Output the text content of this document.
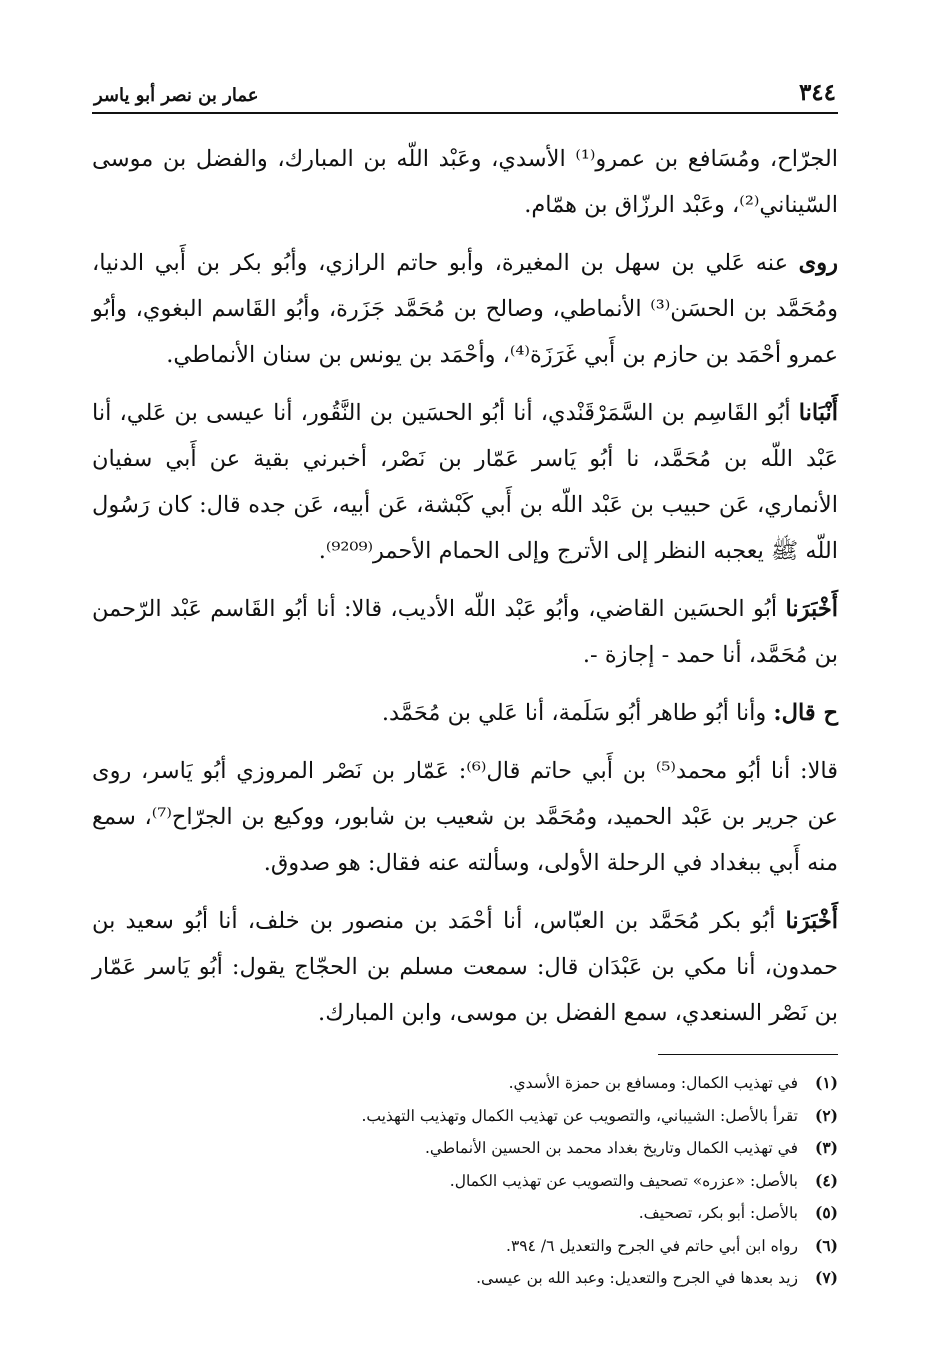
٣٤٤
عمار بن نصر أبو ياسر

الجرّاح، ومُسَافع بن عمرو⁽¹⁾ الأسدي، وعَبْد اللّه بن المبارك، والفضل بن موسى السّيناني⁽²⁾، وعَبْد الرزّاق بن همّام.

روى عنه عَلي بن سهل بن المغيرة، وأبو حاتم الرازي، وأبُو بكر بن أَبي الدنيا، ومُحَمَّد بن الحسَن⁽³⁾ الأنماطي، وصالح بن مُحَمَّد جَزَرة، وأبُو القَاسم البغوي، وأبُو عمرو أحْمَد بن حازم بن أَبي غَرَزَة⁽⁴⁾، وأحْمَد بن يونس بن سنان الأنماطي.

أَنْبَانا أبُو القَاسِم بن السَّمَرْقَنْدي، أنا أبُو الحسَين بن النَّقُور، أنا عيسى بن عَلي، أنا عَبْد اللّه بن مُحَمَّد، نا أبُو يَاسر عَمّار بن نَصْر، أخبرني بقية عن أَبي سفيان الأنماري، عَن حبيب بن عَبْد اللّه بن أَبي كَبْشة، عَن أبيه، عَن جده قال: كان رَسُول اللّه ﷺ يعجبه النظر إلى الأترج وإلى الحمام الأحمر⁽⁹²⁰⁹⁾.

أَخْبَرَنا أبُو الحسَين القاضي، وأبُو عَبْد اللّه الأديب، قالا: أنا أبُو القَاسم عَبْد الرّحمن بن مُحَمَّد، أنا حمد - إجازة -.

ح قال: وأنا أبُو طاهر أبُو سَلَمة، أنا عَلي بن مُحَمَّد.

قالا: أنا أبُو محمد⁽⁵⁾ بن أَبي حاتم قال⁽⁶⁾: عَمّار بن نَصْر المروزي أبُو يَاسر، روى عن جرير بن عَبْد الحميد، ومُحَمَّد بن شعيب بن شابور، ووكيع بن الجرّاح⁽⁷⁾، سمع منه أَبي ببغداد في الرحلة الأولى، وسألته عنه فقال: هو صدوق.

أَخْبَرَنا أبُو بكر مُحَمَّد بن العبّاس، أنا أحْمَد بن منصور بن خلف، أنا أبُو سعيد بن حمدون، أنا مكي بن عَبْدَان قال: سمعت مسلم بن الحجّاج يقول: أبُو يَاسر عَمّار بن نَصْر السنعدي، سمع الفضل بن موسى، وابن المبارك.

(١)
في تهذيب الكمال: ومسافع بن حمزة الأسدي.
(٢)
تقرأ بالأصل: الشيباني، والتصويب عن تهذيب الكمال وتهذيب التهذيب.
(٣)
في تهذيب الكمال وتاريخ بغداد محمد بن الحسين الأنماطي.
(٤)
بالأصل: «عزره» تصحيف والتصويب عن تهذيب الكمال.
(٥)
بالأصل: أبو بكر، تصحيف.
(٦)
رواه ابن أبي حاتم في الجرح والتعديل ٦/ ٣٩٤.
(٧)
زيد بعدها في الجرح والتعديل: وعبد الله بن عيسى.
